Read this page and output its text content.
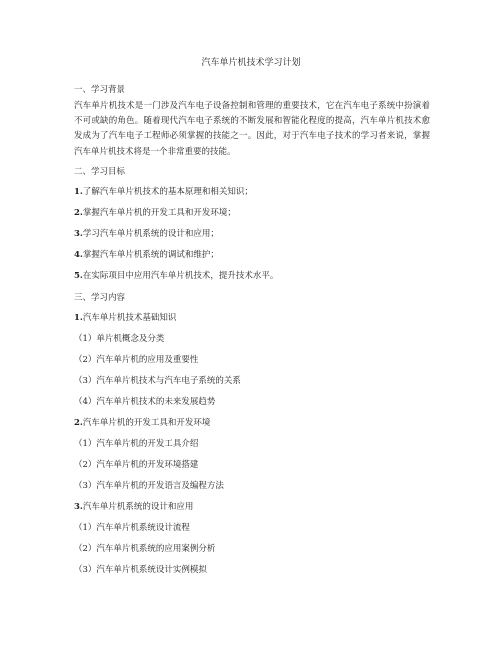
汽车单片机技术学习计划
一、学习背景
汽车单片机技术是一门涉及汽车电子设备控制和管理的重要技术，它在汽车电子系统中扮演着不可或缺的角色。随着现代汽车电子系统的不断发展和智能化程度的提高，汽车单片机技术愈发成为了汽车电子工程师必须掌握的技能之一。因此，对于汽车电子技术的学习者来说，掌握汽车单片机技术将是一个非常重要的技能。
二、学习目标
1.了解汽车单片机技术的基本原理和相关知识；
2.掌握汽车单片机的开发工具和开发环境；
3.学习汽车单片机系统的设计和应用；
4.掌握汽车单片机系统的调试和维护；
5.在实际项目中应用汽车单片机技术，提升技术水平。
三、学习内容
1.汽车单片机技术基础知识
（1）单片机概念及分类
（2）汽车单片机的应用及重要性
（3）汽车单片机技术与汽车电子系统的关系
（4）汽车单片机技术的未来发展趋势
2.汽车单片机的开发工具和开发环境
（1）汽车单片机的开发工具介绍
（2）汽车单片机的开发环境搭建
（3）汽车单片机的开发语言及编程方法
3.汽车单片机系统的设计和应用
（1）汽车单片机系统设计流程
（2）汽车单片机系统的应用案例分析
（3）汽车单片机系统设计实例模拟
